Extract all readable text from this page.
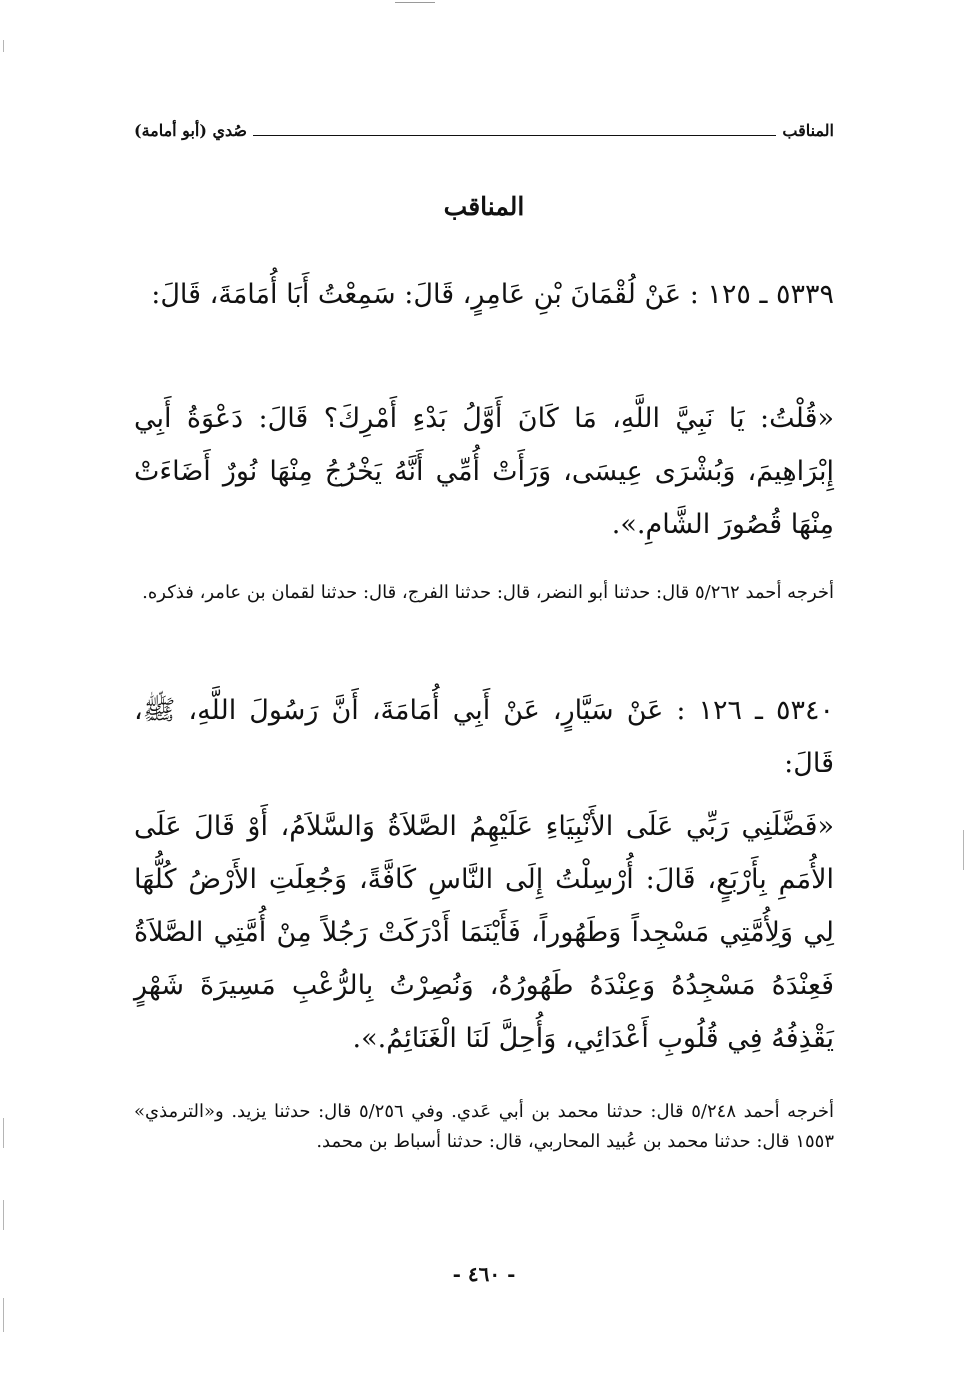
المناقب
صُدي (أبو أمامة)
المناقب

٥٣٣٩ ـ ١٢٥ : عَنْ لُقْمَانَ بْنِ عَامِرٍ، قَالَ: سَمِعْتُ أَبَا أُمَامَةَ، قَالَ:

«قُلْتُ: يَا نَبِيَّ اللَّهِ، مَا كَانَ أَوَّلُ بَدْءِ أَمْرِكَ؟ قَالَ: دَعْوَةُ أَبِي إِبْرَاهِيمَ، وَبُشْرَى عِيسَى، وَرَأَتْ أُمِّي أَنَّهُ يَخْرُجُ مِنْهَا نُورٌ أَضَاءَتْ مِنْهَا قُصُورَ الشَّامِ.».

أخرجه أحمد ٥/٢٦٢ قال: حدثنا أبو النضر، قال: حدثنا الفرج، قال: حدثنا لقمان بن عامر، فذكره.

٥٣٤٠ ـ ١٢٦ : عَنْ سَيَّارٍ، عَنْ أَبِي أُمَامَةَ، أَنَّ رَسُولَ اللَّهِ، ﷺ، قَالَ:

«فَضَّلَنِي رَبِّي عَلَى الأَنْبِيَاءِ عَلَيْهِمُ الصَّلاَةُ وَالسَّلاَمُ، أَوْ قَالَ عَلَى الأُمَمِ بِأَرْبَعٍ، قَالَ: أُرْسِلْتُ إِلَى النَّاسِ كَافَّةً، وَجُعِلَتِ الأَرْضُ كُلُّهَا لِي وَلِأُمَّتِي مَسْجِداً وَطَهُوراً، فَأَيْنَمَا أَدْرَكَتْ رَجُلاً مِنْ أُمَّتِي الصَّلاَةُ فَعِنْدَهُ مَسْجِدُهُ وَعِنْدَهُ طَهُورُهُ، وَنُصِرْتُ بِالرُّعْبِ مَسِيرَةَ شَهْرٍ يَقْذِفُهُ فِي قُلُوبِ أَعْدَائِي، وَأُحِلَّ لَنَا الْغَنَائِمُ.».

أخرجه أحمد ٥/٢٤٨ قال: حدثنا محمد بن أبي عَدي. وفي ٥/٢٥٦ قال: حدثنا يزيد. و«الترمذي» ١٥٥٣ قال: حدثنا محمد بن عُبيد المحاربي، قال: حدثنا أسباط بن محمد.

- ٤٦٠ -
